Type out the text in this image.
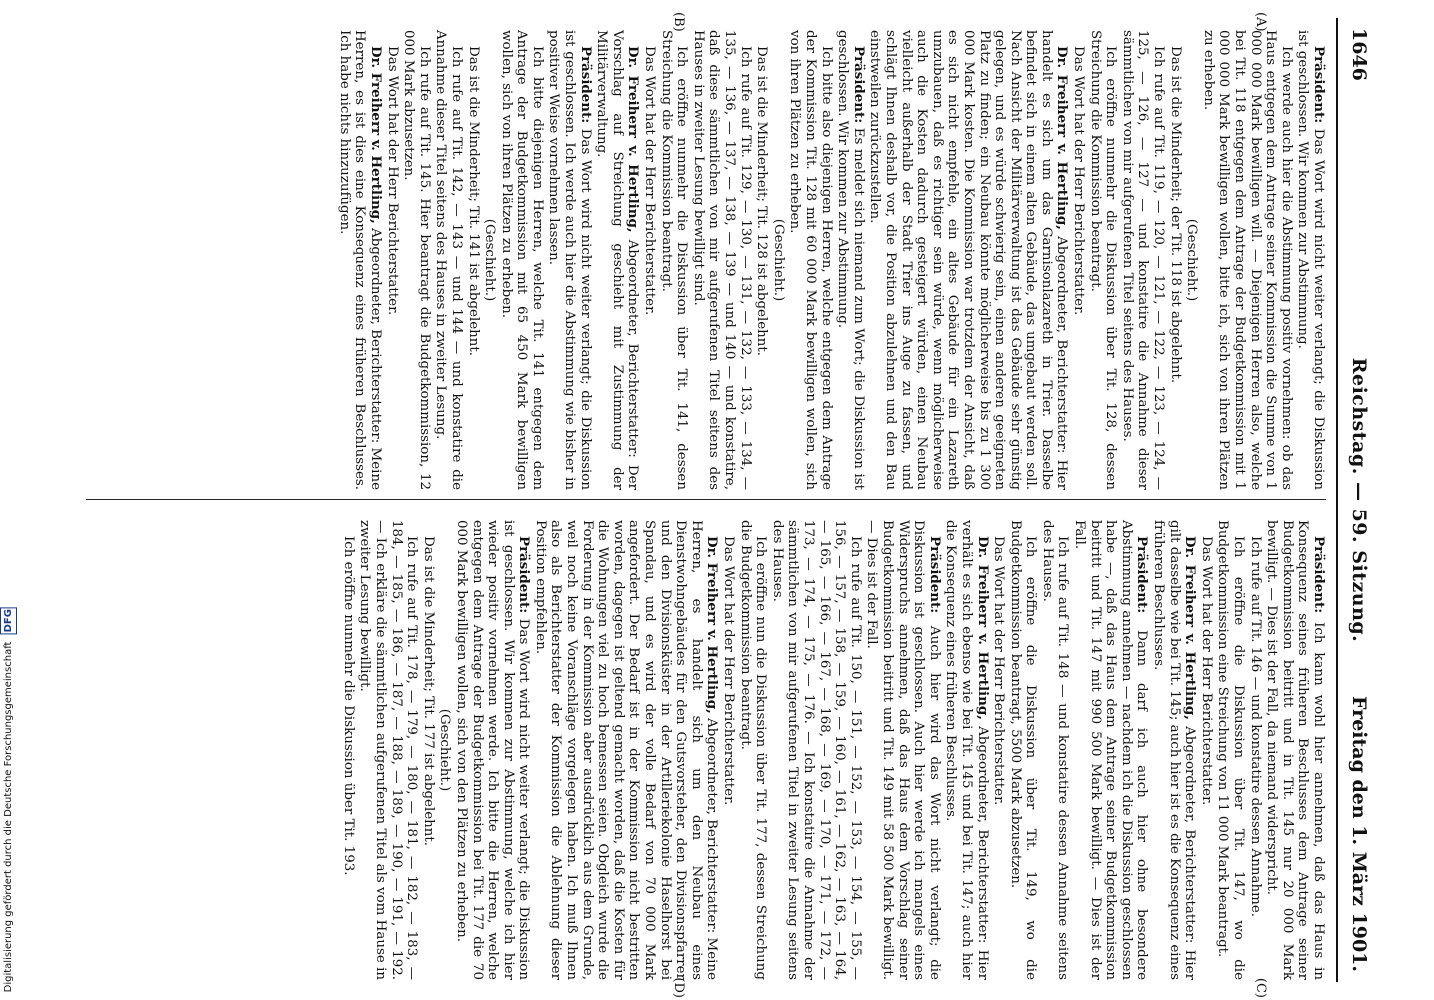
1646
Reichstag. — 59. Sitzung.
Freitag den 1. März 1901.
(A)
(B)

Präsident: Das Wort wird nicht weiter verlangt; die Diskussion ist geschlossen. Wir kommen zur Abstimmung.

Ich werde auch hier die Abstimmung positiv vornehmen: ob das Haus entgegen dem Antrage seiner Kommission die Summe von 1 000 000 Mark bewilligen will. — Diejenigen Herren also, welche bei Tit. 118 entgegen dem Antrage der Budgetkommission mit 1 000 000 Mark bewilligen wollen, bitte ich, sich von ihren Plätzen zu erheben.

(Geschieht.)

Das ist die Minderheit; der Tit. 118 ist abgelehnt.

Ich rufe auf Tit. 119, — 120, — 121, — 122, — 123, — 124, — 125, — 126, — 127 — und konstatire die Annahme dieser sämmtlichen von mir aufgerufenen Titel seitens des Hauses.

Ich eröffne nunmehr die Diskussion über Tit. 128, dessen Streichung die Kommission beantragt.

Das Wort hat der Herr Berichterstatter.

Dr. Freiherr v. Hertling, Abgeordneter, Berichterstatter: Hier handelt es sich um das Garnisonlazareth in Trier. Dasselbe befindet sich in einem alten Gebäude, das umgebaut werden soll. Nach Ansicht der Militärverwaltung ist das Gebäude sehr günstig gelegen, und es würde schwierig sein, einen anderen geeigneten Platz zu finden; ein Neubau könnte möglicherweise bis zu 1 300 000 Mark kosten. Die Kommission war trotzdem der Ansicht, daß es sich nicht empfehle, ein altes Gebäude für ein Lazareth umzubauen, daß es richtiger sein würde, wenn möglicherweise auch die Kosten dadurch gesteigert würden, einen Neubau vielleicht außerhalb der Stadt Trier ins Auge zu fassen, und schlägt Ihnen deshalb vor, die Position abzulehnen und den Bau einstweilen zurückzustellen.

Präsident: Es meldet sich niemand zum Wort; die Diskussion ist geschlossen. Wir kommen zur Abstimmung.

Ich bitte also diejenigen Herren, welche entgegen dem Antrage der Kommission Tit. 128 mit 60 000 Mark bewilligen wollen, sich von ihren Plätzen zu erheben.

(Geschieht.)

Das ist die Minderheit; Tit. 128 ist abgelehnt.

Ich rufe auf Tit. 129, — 130, — 131, — 132, — 133, — 134, — 135, — 136, — 137, — 138, — 139 — und 140 — und konstatire, daß diese sämmtlichen von mir aufgerufenen Titel seitens des Hauses in zweiter Lesung bewilligt sind.

Ich eröffne nunmehr die Diskussion über Tit. 141, dessen Streichung die Kommission beantragt.

Das Wort hat der Herr Berichterstatter.

Dr. Freiherr v. Hertling, Abgeordneter, Berichterstatter: Der Vorschlag auf Streichung geschieht mit Zustimmung der Militärverwaltung.

Präsident: Das Wort wird nicht weiter verlangt; die Diskussion ist geschlossen. Ich werde auch hier die Abstimmung wie bisher in positiver Weise vornehmen lassen.

Ich bitte diejenigen Herren, welche Tit. 141 entgegen dem Antrage der Budgetkommission mit 65 450 Mark bewilligen wollen, sich von ihren Plätzen zu erheben.

(Geschieht.)

Das ist die Minderheit; Tit. 141 ist abgelehnt.

Ich rufe auf Tit. 142, — 143 — und 144 — und konstatire die Annahme dieser Titel seitens des Hauses in zweiter Lesung.

Ich rufe auf Tit. 145. Hier beantragt die Budgetkommission, 12 000 Mark abzusetzen.

Das Wort hat der Herr Berichterstatter.

Dr. Freiherr v. Hertling, Abgeordneter, Berichterstatter: Meine Herren, es ist dies eine Konsequenz eines früheren Beschlusses. Ich habe nichts hinzuzufügen.

(C)
(D)

Präsident: Ich kann wohl hier annehmen, daß das Haus in Konsequenz seines früheren Beschlusses dem Antrage seiner Budgetkommission beitritt und in Tit. 145 nur 20 000 Mark bewilligt. — Dies ist der Fall, da niemand widerspricht.

Ich rufe auf Tit. 146 — und konstatire dessen Annahme.

Ich eröffne die Diskussion über Tit. 147, wo die Budgetkommission eine Streichung von 11 000 Mark beantragt.

Das Wort hat der Herr Berichterstatter.

Dr. Freiherr v. Hertling, Abgeordneter, Berichterstatter: Hier gilt dasselbe wie bei Tit. 145; auch hier ist es die Konsequenz eines früheren Beschlusses.

Präsident: Dann darf ich auch hier ohne besondere Abstimmung annehmen — nachdem ich die Diskussion geschlossen habe —, daß das Haus dem Antrage seiner Budgetkommission beitritt und Tit. 147 mit 990 500 Mark bewilligt. — Dies ist der Fall.

Ich rufe auf Tit. 148 — und konstatire dessen Annahme seitens des Hauses.

Ich eröffne die Diskussion über Tit. 149, wo die Budgetkommission beantragt, 5500 Mark abzusetzen.

Das Wort hat der Herr Berichterstatter.

Dr. Freiherr v. Hertling, Abgeordneter, Berichterstatter: Hier verhält es sich ebenso wie bei Tit. 145 und bei Tit. 147; auch hier die Konsequenz eines früheren Beschlusses.

Präsident: Auch hier wird das Wort nicht verlangt; die Diskussion ist geschlossen. Auch hier werde ich mangels eines Widerspruchs annehmen, daß das Haus dem Vorschlag seiner Budgetkommission beitritt und Tit. 149 mit 58 500 Mark bewilligt. — Dies ist der Fall.

Ich rufe auf Tit. 150, — 151, — 152, — 153, — 154, — 155, — 156, — 157, — 158, — 159, — 160, — 161, — 162, — 163, — 164, — 165, — 166, — 167, — 168, — 169, — 170, — 171, — 172, — 173, — 174, — 175, — 176. — Ich konstatire die Annahme der sämmtlichen von mir aufgerufenen Titel in zweiter Lesung seitens des Hauses.

Ich eröffne nun die Diskussion über Tit. 177, dessen Streichung die Budgetkommission beantragt.

Das Wort hat der Herr Berichterstatter.

Dr. Freiherr v. Hertling, Abgeordneter, Berichterstatter: Meine Herren, es handelt sich um den Neubau eines Dienstwohngebäudes für den Gutsvorsteher, den Divisionspfarrer und den Divisionsküster in der Artilleriekolonie Haselhorst bei Spandau, und es wird der volle Bedarf von 70 000 Mark angefordert. Der Bedarf ist in der Kommission nicht bestritten worden, dagegen ist geltend gemacht worden, daß die Kosten für die Wohnungen viel zu hoch bemessen seien. Obgleich wurde die Forderung in der Kommission aber ausdrücklich aus dem Grunde, weil noch keine Voranschläge vorgelegen haben. Ich muß Ihnen also als Berichterstatter der Kommission die Ablehnung dieser Position empfehlen.

Präsident: Das Wort wird nicht weiter verlangt; die Diskussion ist geschlossen. Wir kommen zur Abstimmung, welche ich hier wieder positiv vornehmen werde. Ich bitte die Herren, welche entgegen dem Antrage der Budgetkommission bei Tit. 177 die 70 000 Mark bewilligen wollen, sich von den Plätzen zu erheben.

(Geschieht.)

Das ist die Minderheit; Tit. 177 ist abgelehnt.

Ich rufe auf Tit. 178, — 179, — 180, — 181, — 182, — 183, — 184, — 185, — 186, — 187, — 188, — 189, — 190, — 191, — 192. — Ich erkläre die sämmtlichen aufgerufenen Titel als vom Hause in zweiter Lesung bewilligt.

Ich eröffne nunmehr die Diskussion über Tit. 193.

Digitalisierung gefördert durch die Deutsche Forschungsgemeinschaft DFG
